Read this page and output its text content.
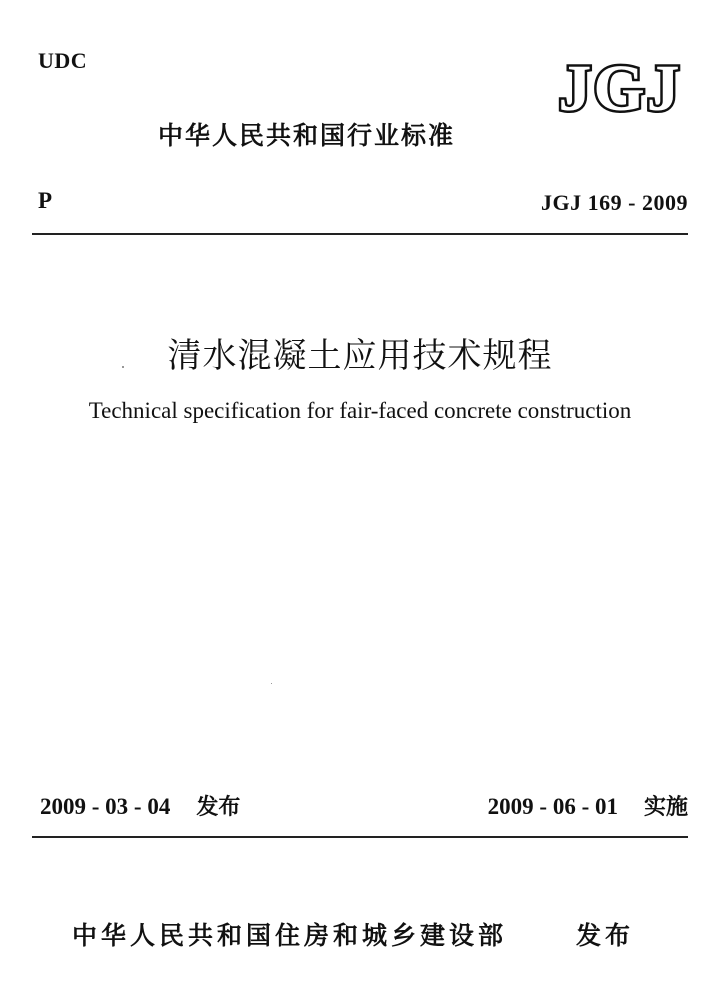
UDC	JGJ
中华人民共和国行业标准
P	JGJ 169 - 2009
清水混凝土应用技术规程
Technical specification for fair-faced concrete construction
2009 - 03 - 04 发布	2009 - 06 - 01 实施
中华人民共和国住房和城乡建设部	发布
